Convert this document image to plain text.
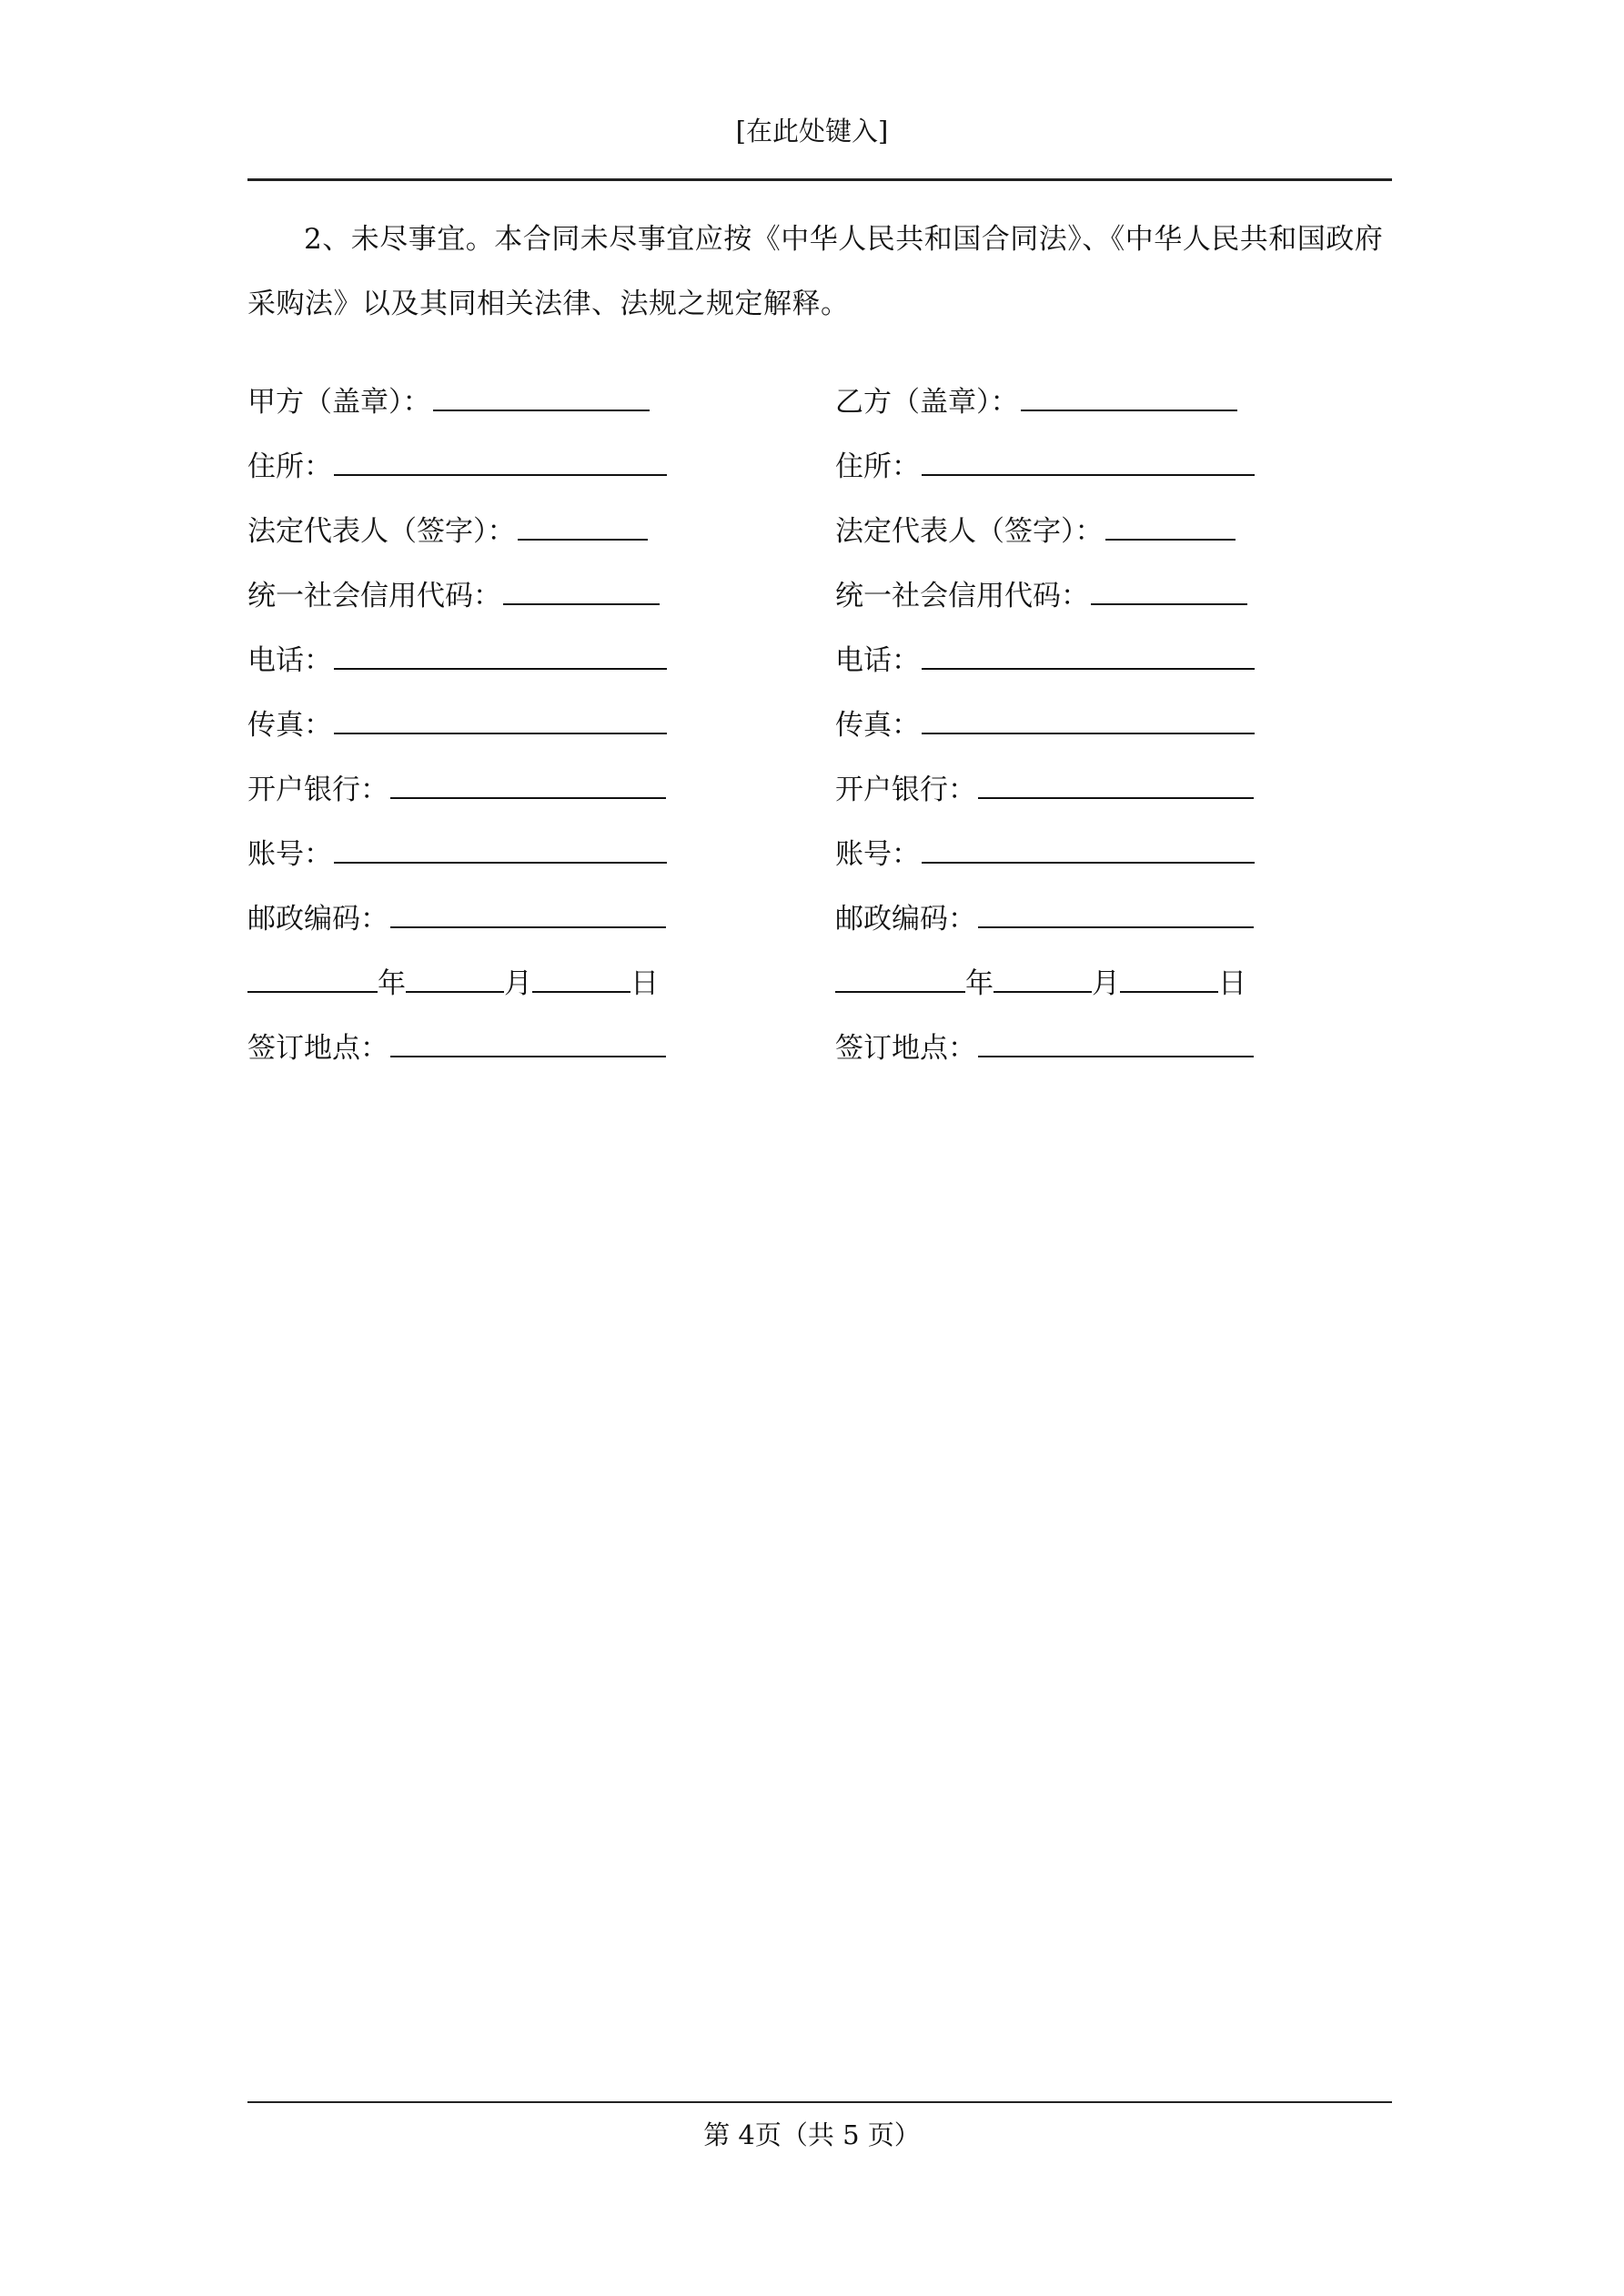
[在此处键入]

2、未尽事宜。本合同未尽事宜应按《中华人民共和国合同法》、《中华人民共和国政府

采购法》以及其同相关法律、法规之规定解释。

甲方（盖章）：
住所：
法定代表人（签字）：
统一社会信用代码：
电话：
传真：
开户银行：
账号：
邮政编码：
年	月	日
签订地点：
乙方（盖章）：
住所：
法定代表人（签字）：
统一社会信用代码：
电话：
传真：
开户银行：
账号：
邮政编码：
年	月	日
签订地点：
第 4页（共 5 页）
